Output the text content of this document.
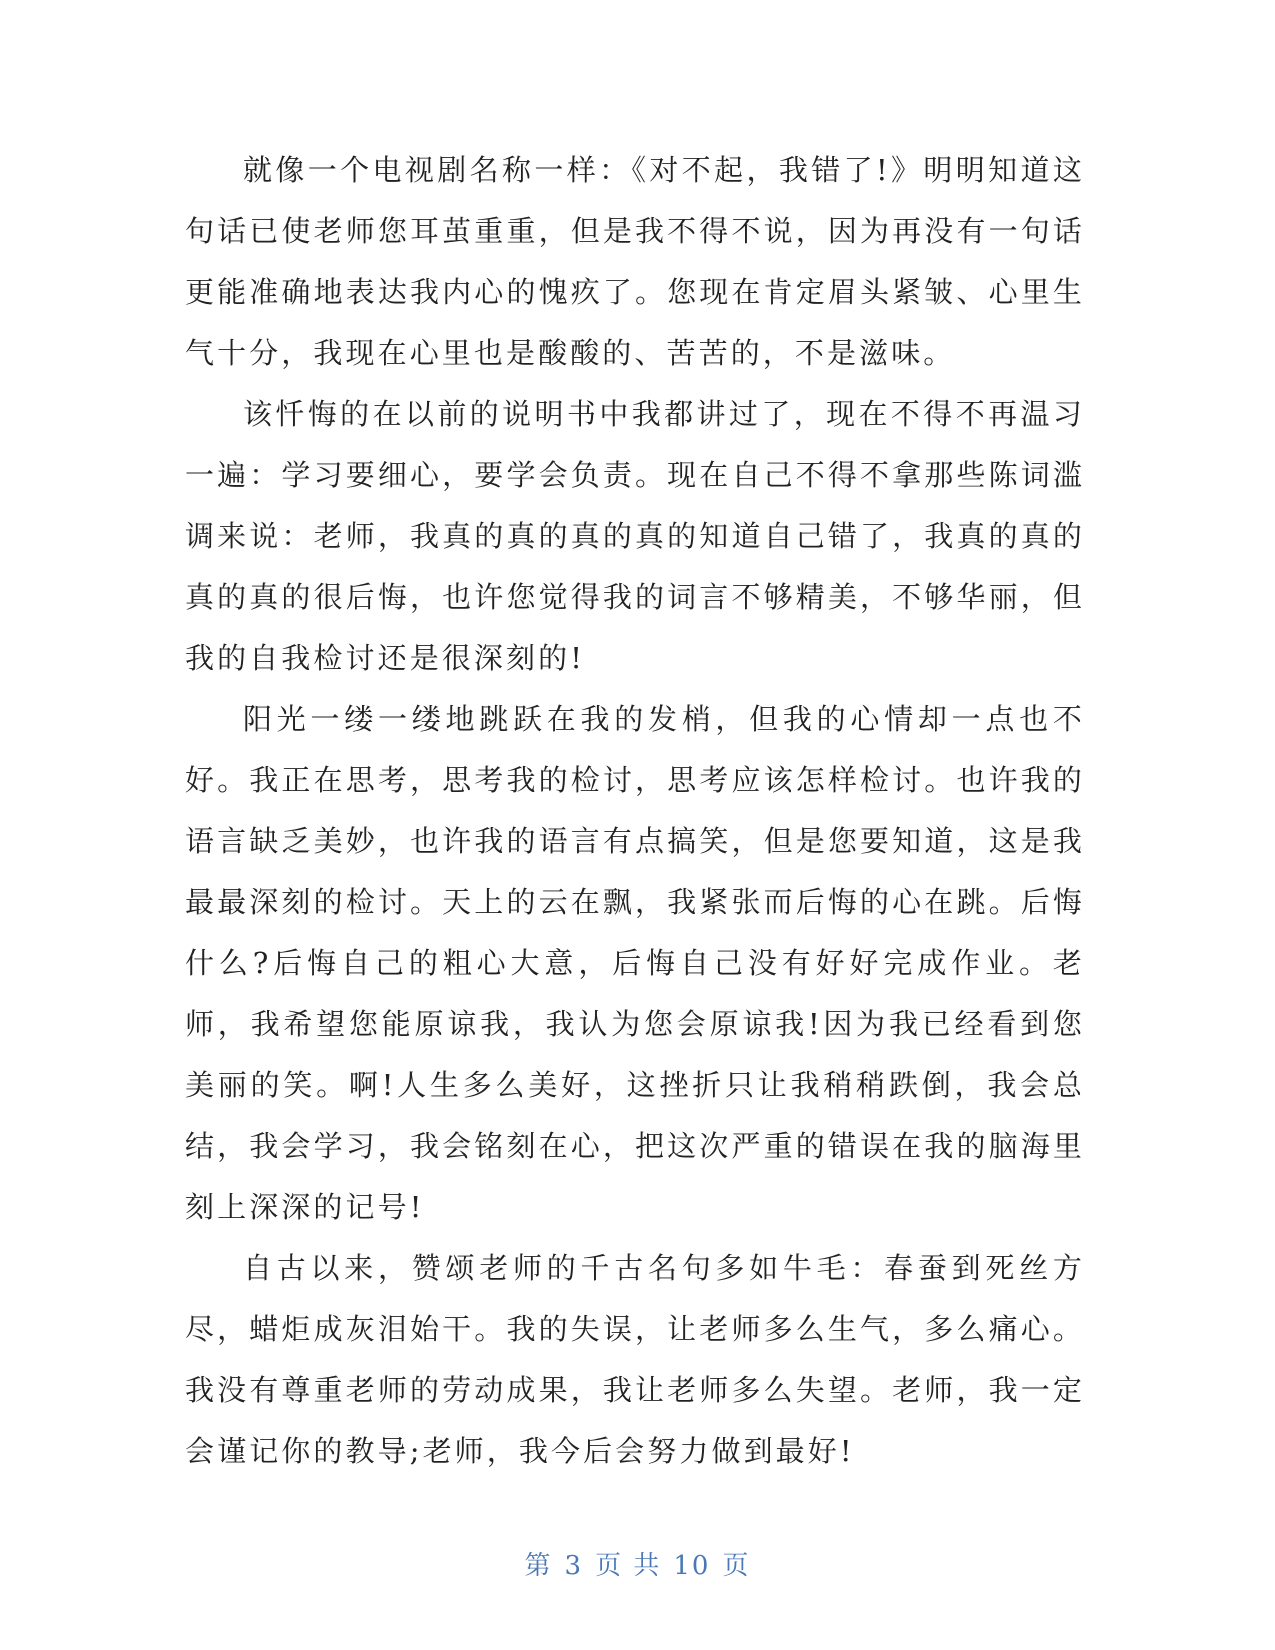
就像一个电视剧名称一样：《对不起，我错了!》明明知道这句话已使老师您耳茧重重，但是我不得不说，因为再没有一句话更能准确地表达我内心的愧疚了。您现在肯定眉头紧皱、心里生气十分，我现在心里也是酸酸的、苦苦的，不是滋味。

该忏悔的在以前的说明书中我都讲过了，现在不得不再温习一遍：学习要细心，要学会负责。现在自己不得不拿那些陈词滥调来说：老师，我真的真的真的真的知道自己错了，我真的真的真的真的很后悔，也许您觉得我的词言不够精美，不够华丽，但我的自我检讨还是很深刻的!

阳光一缕一缕地跳跃在我的发梢，但我的心情却一点也不好。我正在思考，思考我的检讨，思考应该怎样检讨。也许我的语言缺乏美妙，也许我的语言有点搞笑，但是您要知道，这是我最最深刻的检讨。天上的云在飘，我紧张而后悔的心在跳。后悔什么?后悔自己的粗心大意，后悔自己没有好好完成作业。老师，我希望您能原谅我，我认为您会原谅我!因为我已经看到您美丽的笑。啊!人生多么美好，这挫折只让我稍稍跌倒，我会总结，我会学习，我会铭刻在心，把这次严重的错误在我的脑海里刻上深深的记号!

自古以来，赞颂老师的千古名句多如牛毛：春蚕到死丝方尽，蜡炬成灰泪始干。我的失误，让老师多么生气，多么痛心。我没有尊重老师的劳动成果，我让老师多么失望。老师，我一定会谨记你的教导;老师，我今后会努力做到最好!

第 3 页 共 10 页
